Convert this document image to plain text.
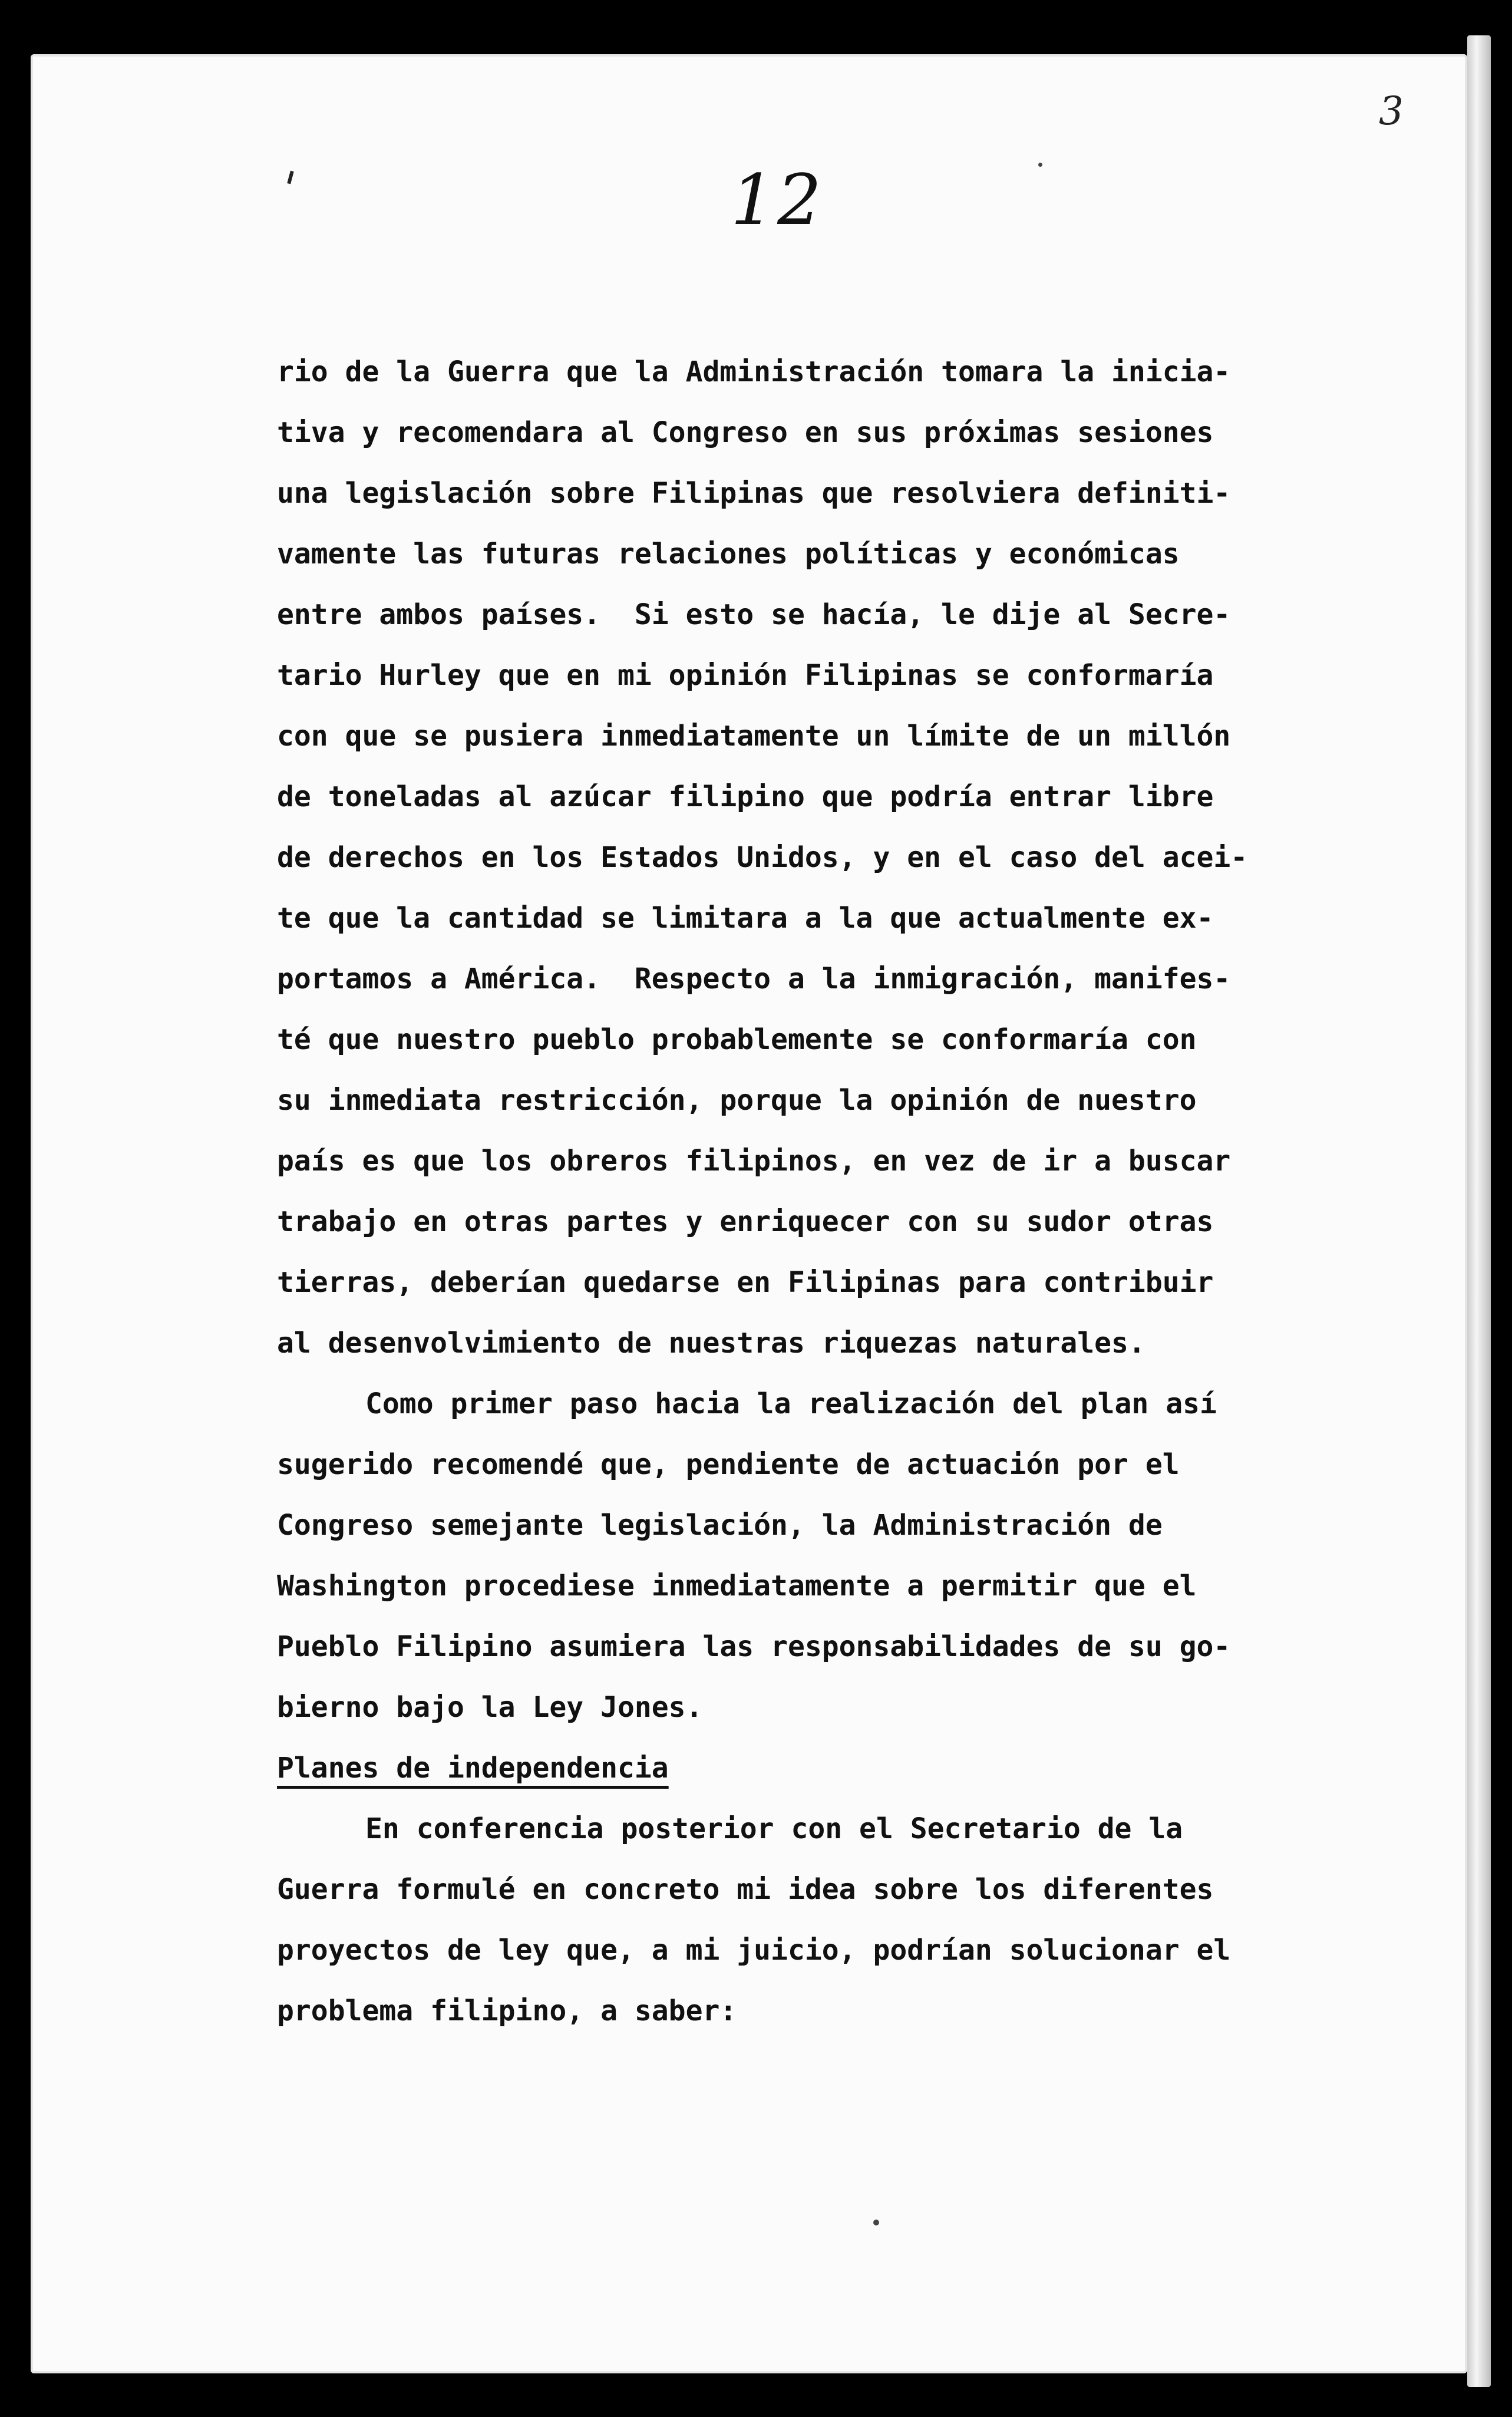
3
12
rio de la Guerra que la Administración tomara la inicia-
tiva y recomendara al Congreso en sus próximas sesiones
una legislación sobre Filipinas que resolviera definiti-
vamente las futuras relaciones políticas y económicas
entre ambos países.  Si esto se hacía, le dije al Secre-
tario Hurley que en mi opinión Filipinas se conformaría
con que se pusiera inmediatamente un límite de un millón
de toneladas al azúcar filipino que podría entrar libre
de derechos en los Estados Unidos, y en el caso del acei-
te que la cantidad se limitara a la que actualmente ex-
portamos a América.  Respecto a la inmigración, manifes-
té que nuestro pueblo probablemente se conformaría con
su inmediata restricción, porque la opinión de nuestro
país es que los obreros filipinos, en vez de ir a buscar
trabajo en otras partes y enriquecer con su sudor otras
tierras, deberían quedarse en Filipinas para contribuir
al desenvolvimiento de nuestras riquezas naturales.
Como primer paso hacia la realización del plan así
sugerido recomendé que, pendiente de actuación por el
Congreso semejante legislación, la Administración de
Washington procediese inmediatamente a permitir que el
Pueblo Filipino asumiera las responsabilidades de su go-
bierno bajo la Ley Jones.
Planes de independencia
En conferencia posterior con el Secretario de la
Guerra formulé en concreto mi idea sobre los diferentes
proyectos de ley que, a mi juicio, podrían solucionar el
problema filipino, a saber:
